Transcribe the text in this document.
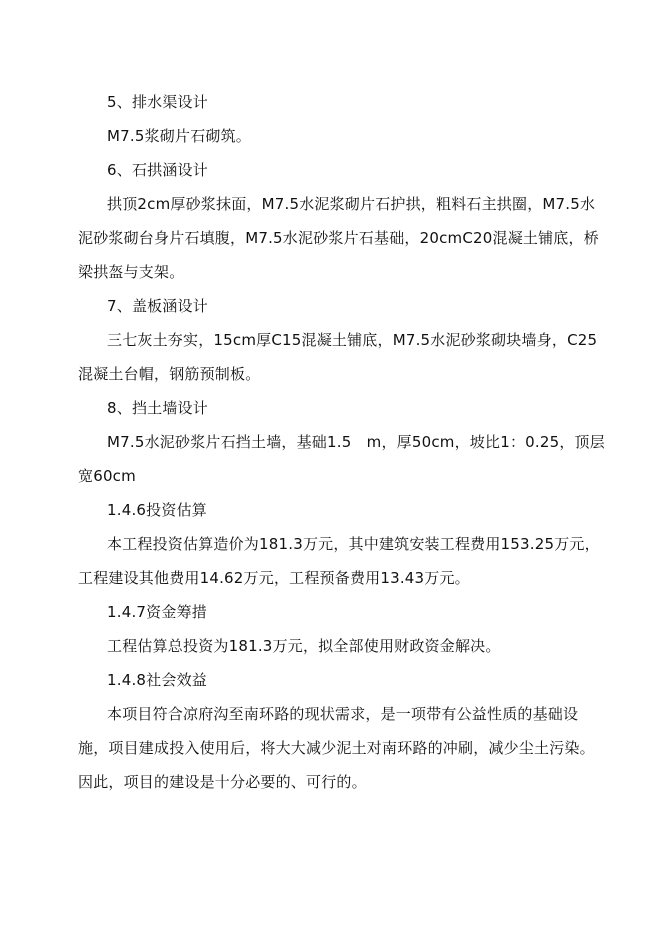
5、排水渠设计
M7.5浆砌片石砌筑。
6、石拱涵设计
拱顶2cm厚砂浆抹面，M7.5水泥浆砌片石护拱，粗料石主拱圈，M7.5水
泥砂浆砌台身片石填腹，M7.5水泥砂浆片石基础，20cmC20混凝土铺底，桥
梁拱盔与支架。
7、盖板涵设计
三七灰土夯实，15cm厚C15混凝土铺底，M7.5水泥砂浆砌块墙身，C25
混凝土台帽，钢筋预制板。
8、挡土墙设计
M7.5水泥砂浆片石挡土墙，基础1.5　m，厚50cm，坡比1：0.25，顶层
宽60cm
1.4.6投资估算
本工程投资估算造价为181.3万元，其中建筑安装工程费用153.25万元，
工程建设其他费用14.62万元，工程预备费用13.43万元。
1.4.7资金筹措
工程估算总投资为181.3万元，拟全部使用财政资金解决。
1.4.8社会效益
本项目符合凉府沟至南环路的现状需求，是一项带有公益性质的基础设
施，项目建成投入使用后，将大大减少泥土对南环路的冲刷，减少尘土污染。
因此，项目的建设是十分必要的、可行的。
